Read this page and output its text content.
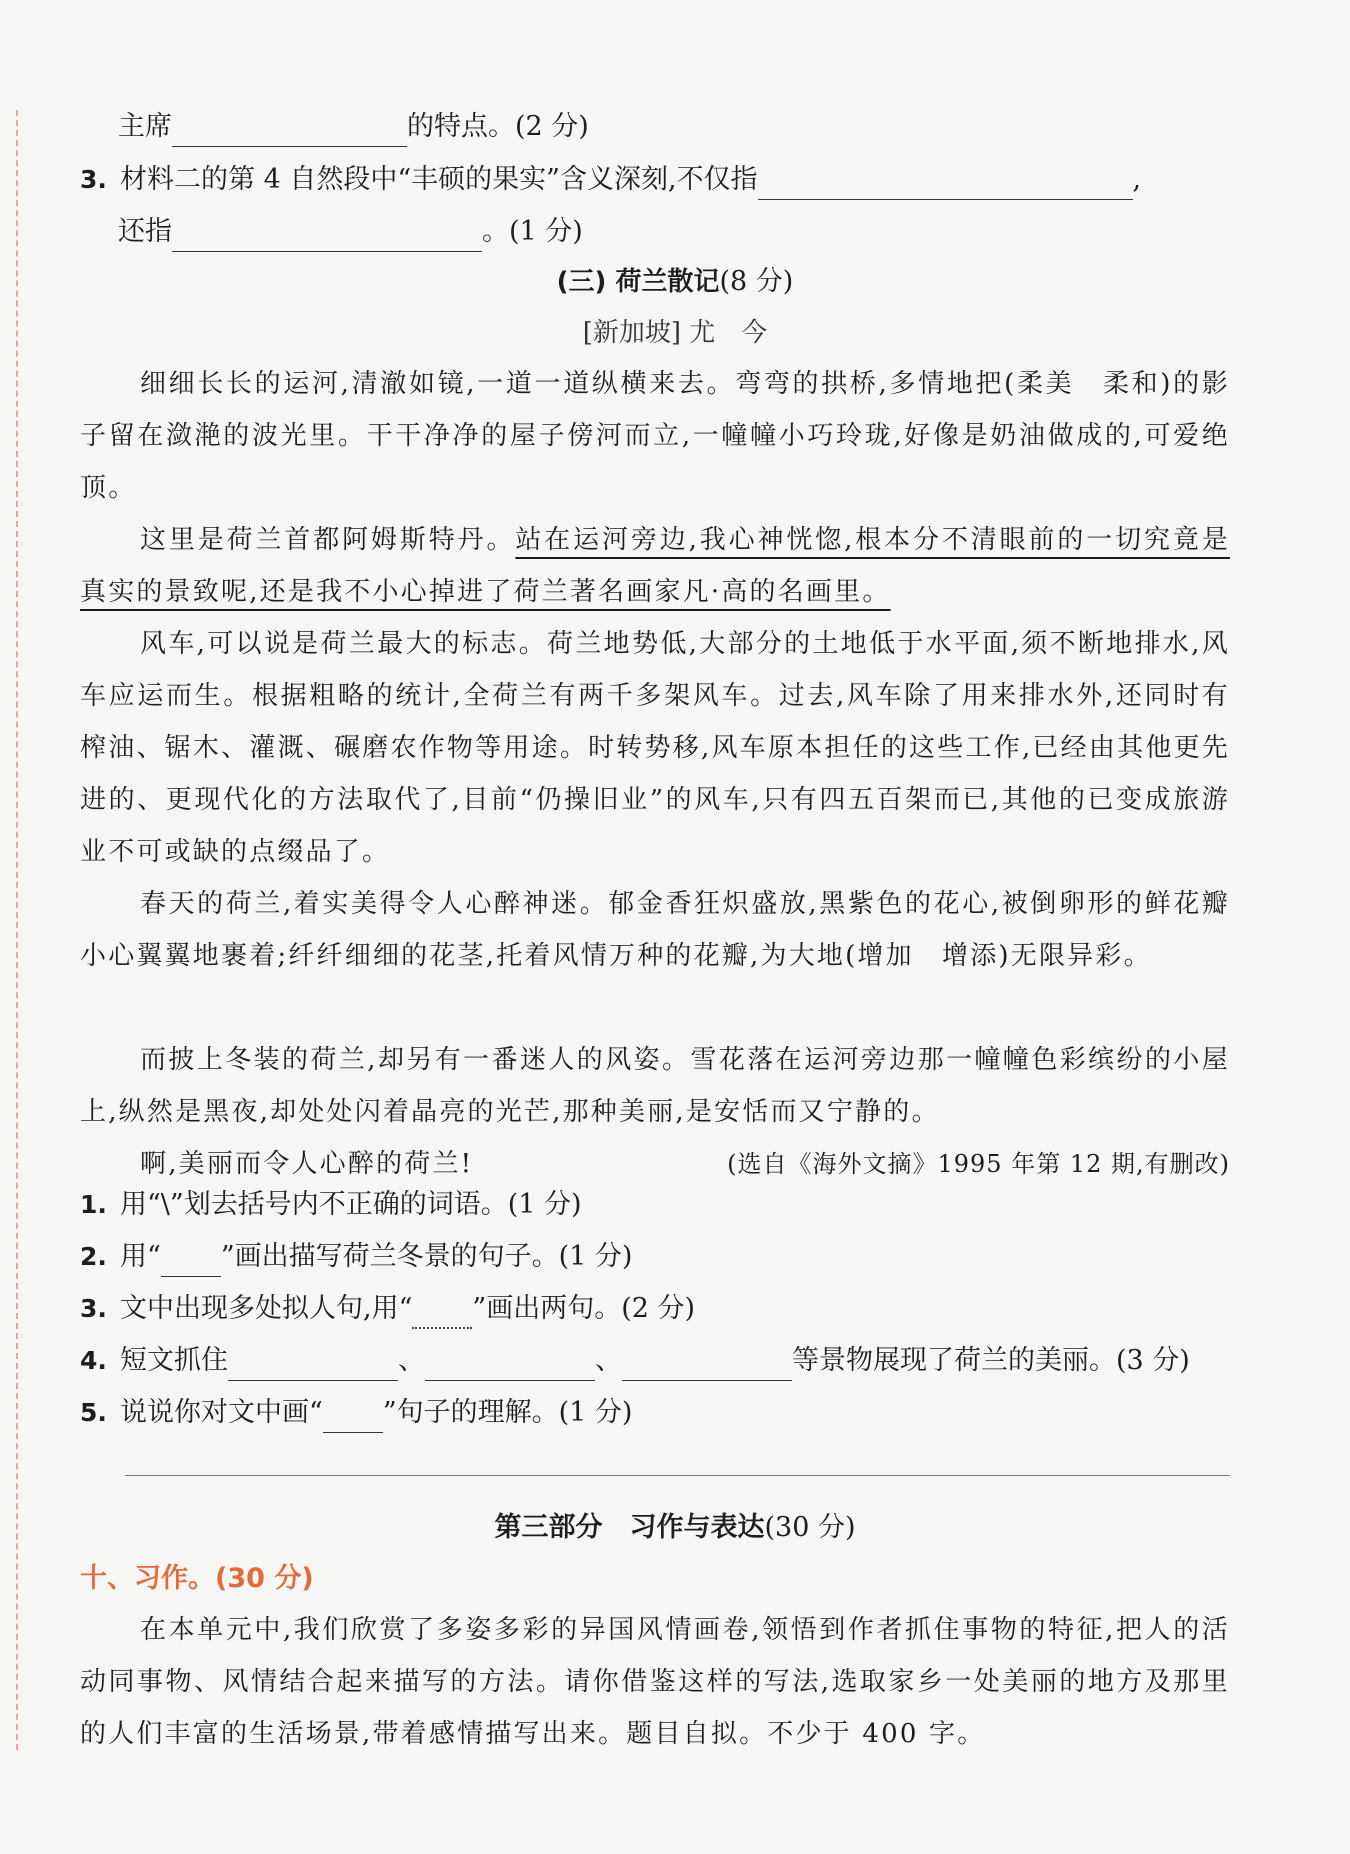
主席	的特点。(2 分)
3. 材料二的第 4 自然段中“丰硕的果实”含义深刻,不仅指	,
还指	。(1 分)
(三) 荷兰散记(8 分)
[新加坡] 尤　今
细细长长的运河,清澈如镜,一道一道纵横来去。弯弯的拱桥,多情地把(柔美　柔和)的影子留在潋滟的波光里。干干净净的屋子傍河而立,一幢幢小巧玲珑,好像是奶油做成的,可爱绝顶。
这里是荷兰首都阿姆斯特丹。站在运河旁边,我心神恍惚,根本分不清眼前的一切究竟是真实的景致呢,还是我不小心掉进了荷兰著名画家凡·高的名画里。
风车,可以说是荷兰最大的标志。荷兰地势低,大部分的土地低于水平面,须不断地排水,风车应运而生。根据粗略的统计,全荷兰有两千多架风车。过去,风车除了用来排水外,还同时有榨油、锯木、灌溉、碾磨农作物等用途。时转势移,风车原本担任的这些工作,已经由其他更先进的、更现代化的方法取代了,目前“仍操旧业”的风车,只有四五百架而已,其他的已变成旅游业不可或缺的点缀品了。
春天的荷兰,着实美得令人心醉神迷。郁金香狂炽盛放,黑紫色的花心,被倒卵形的鲜花瓣小心翼翼地裹着;纤纤细细的花茎,托着风情万种的花瓣,为大地(增加　增添)无限异彩。
而披上冬装的荷兰,却另有一番迷人的风姿。雪花落在运河旁边那一幢幢色彩缤纷的小屋上,纵然是黑夜,却处处闪着晶亮的光芒,那种美丽,是安恬而又宁静的。
啊,美丽而令人心醉的荷兰!	(选自《海外文摘》1995 年第 12 期,有删改)
1. 用“\”划去括号内不正确的词语。(1 分)
2. 用“ ”画出描写荷兰冬景的句子。(1 分)
3. 文中出现多处拟人句,用“ ”画出两句。(2 分)
4. 短文抓住	、	、	等景物展现了荷兰的美丽。(3 分)
5. 说说你对文中画“ ”句子的理解。(1 分)
第三部分　习作与表达(30 分)
十、习作。(30 分)
在本单元中,我们欣赏了多姿多彩的异国风情画卷,领悟到作者抓住事物的特征,把人的活动同事物、风情结合起来描写的方法。请你借鉴这样的写法,选取家乡一处美丽的地方及那里的人们丰富的生活场景,带着感情描写出来。题目自拟。不少于 400 字。
